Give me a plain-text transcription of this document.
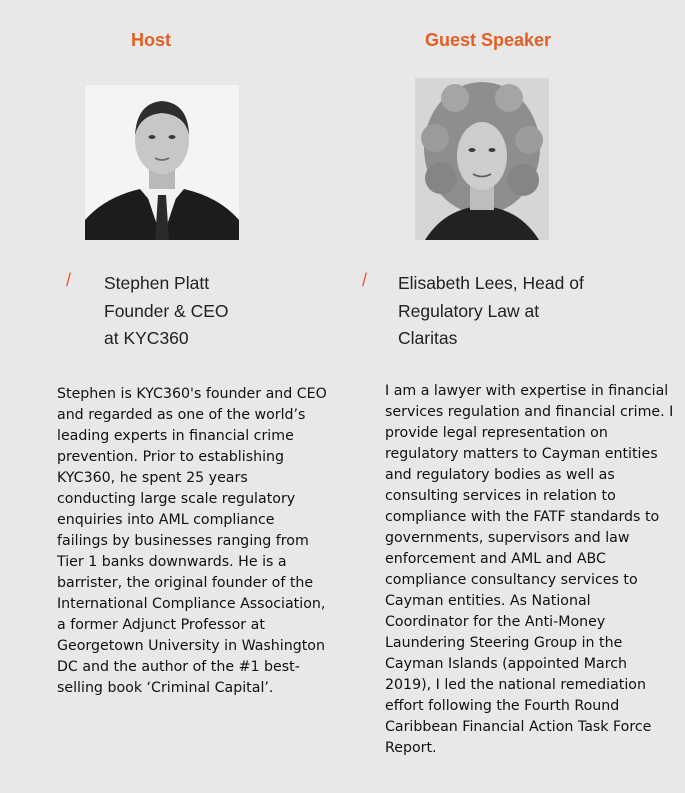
Host
/ Stephen Platt
Founder & CEO
at KYC360

Stephen is KYC360's founder and CEO and regarded as one of the world’s leading experts in financial crime prevention. Prior to establishing KYC360, he spent 25 years conducting large scale regulatory enquiries into AML compliance failings by businesses ranging from Tier 1 banks downwards. He is a barrister, the original founder of the International Compliance Association, a former Adjunct Professor at Georgetown University in Washington DC and the author of the #1 best-selling book ‘Criminal Capital’.

Guest Speaker
/ Elisabeth Lees, Head of
Regulatory Law at
Claritas

I am a lawyer with expertise in financial services regulation and financial crime. I provide legal representation on regulatory matters to Cayman entities and regulatory bodies as well as consulting services in relation to compliance with the FATF standards to governments, supervisors and law enforcement and AML and ABC compliance consultancy services to Cayman entities. As National Coordinator for the Anti-Money Laundering Steering Group in the Cayman Islands (appointed March 2019), I led the national remediation effort following the Fourth Round Caribbean Financial Action Task Force Report.
